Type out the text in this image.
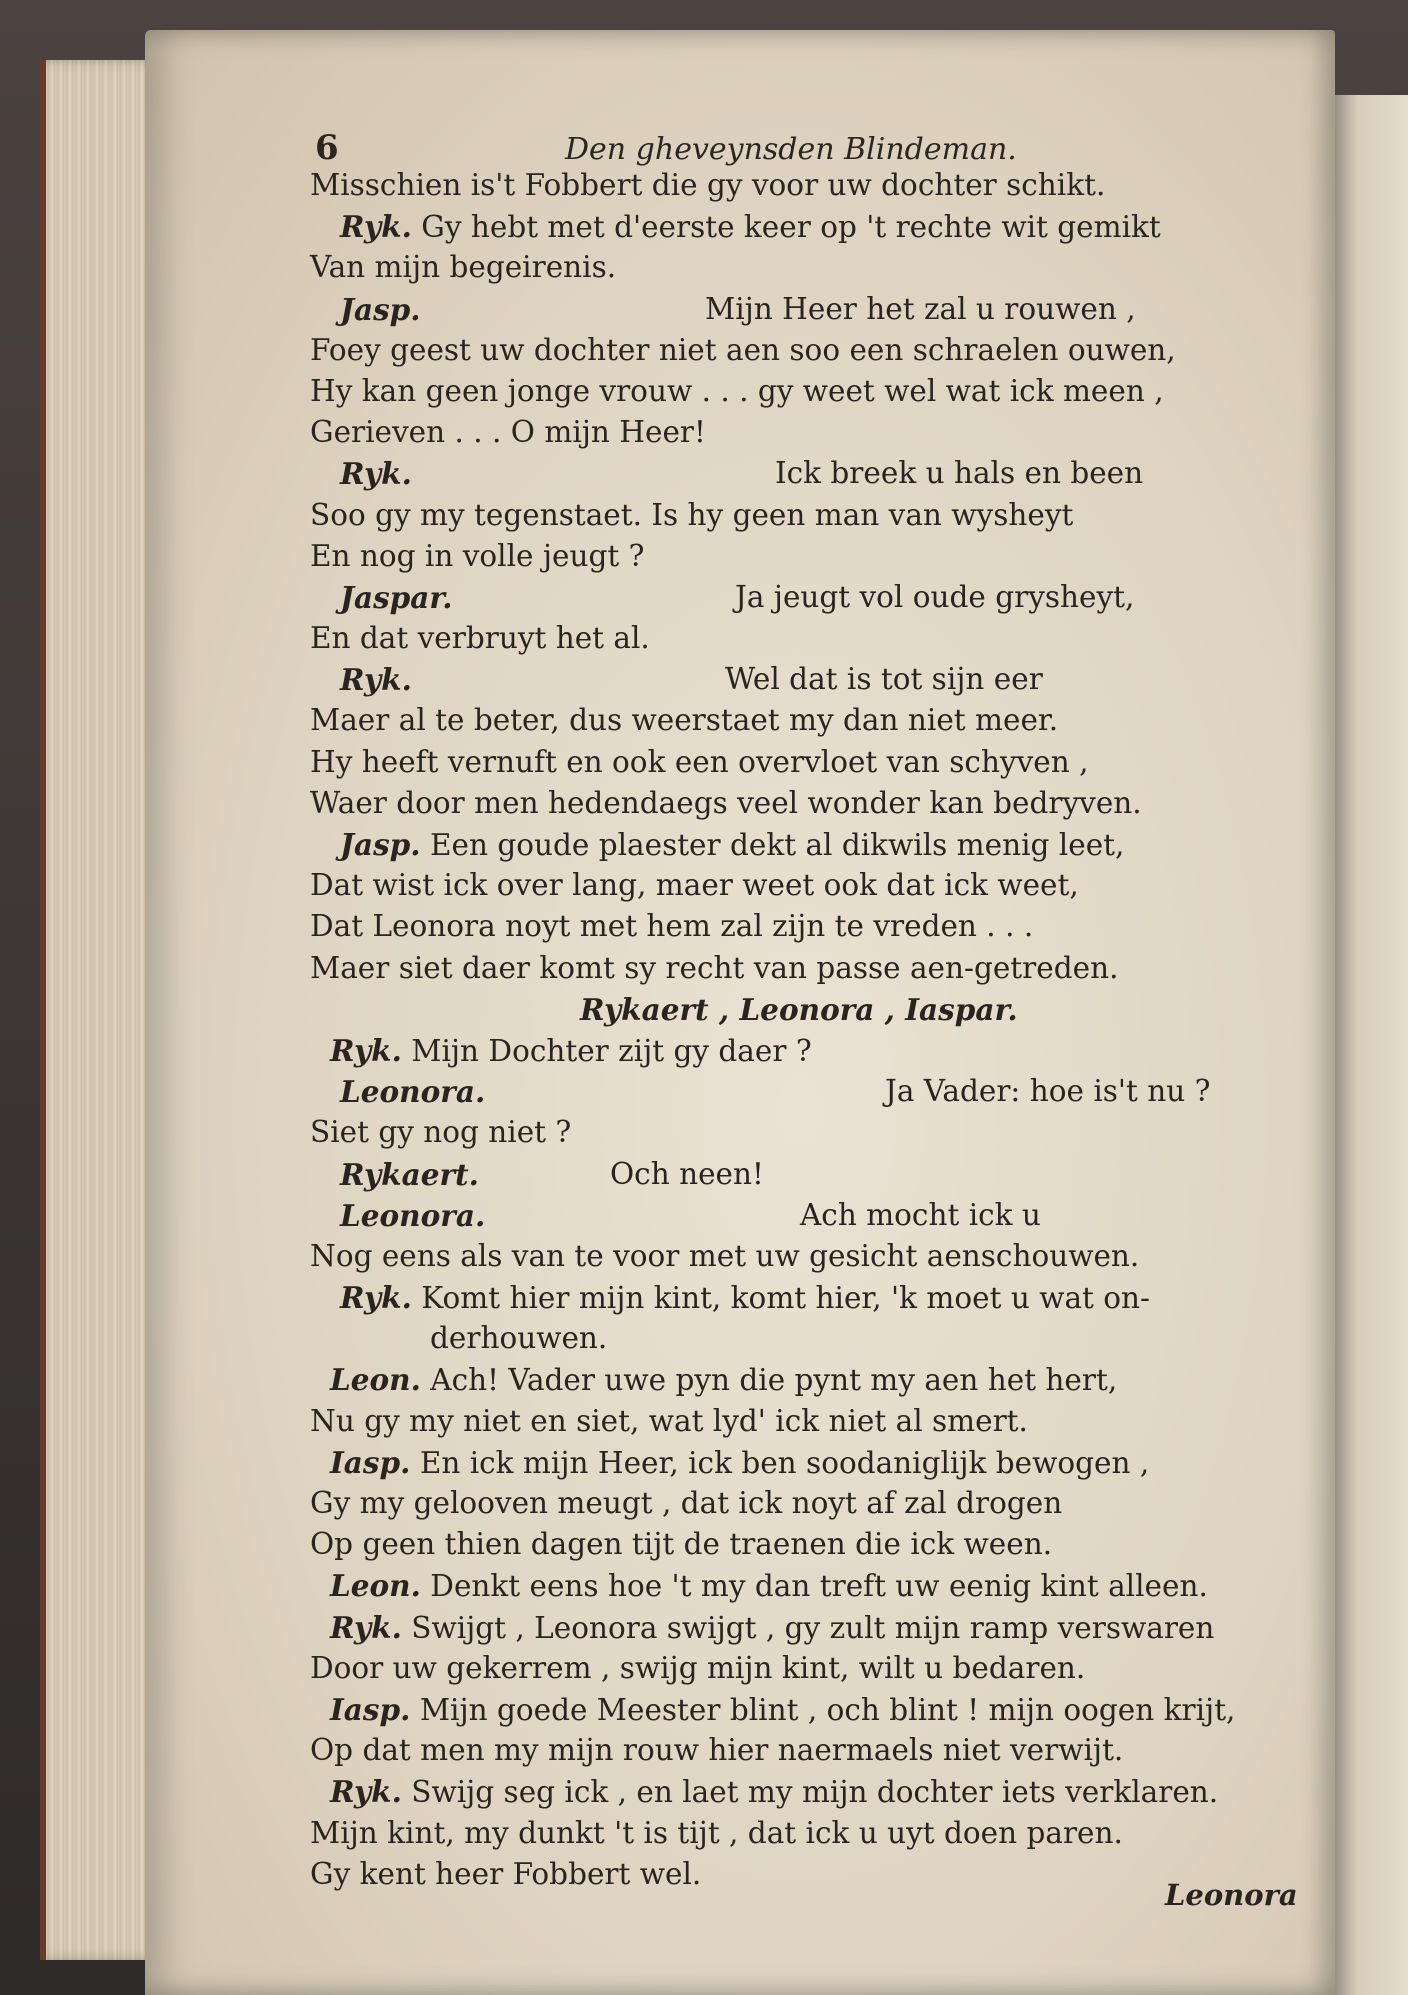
6	Den gheveynsden Blindeman.
Misschien is't Fobbert die gy voor uw dochter schikt.
Ryk. Gy hebt met d'eerste keer op 't rechte wit gemikt
Van mijn begeirenis.
Jasp.	Mijn Heer het zal u rouwen ,
Foey geest uw dochter niet aen soo een schraelen ouwen,
Hy kan geen jonge vrouw . . . gy weet wel wat ick meen ,
Gerieven . . . O mijn Heer!
Ryk.	Ick breek u hals en been
Soo gy my tegenstaet. Is hy geen man van wysheyt
En nog in volle jeugt ?
Jaspar.	Ja jeugt vol oude grysheyt,
En dat verbruyt het al.
Ryk.	Wel dat is tot sijn eer
Maer al te beter, dus weerstaet my dan niet meer.
Hy heeft vernuft en ook een overvloet van schyven ,
Waer door men hedendaegs veel wonder kan bedryven.
Jasp. Een goude plaester dekt al dikwils menig leet,
Dat wist ick over lang, maer weet ook dat ick weet,
Dat Leonora noyt met hem zal zijn te vreden . . .
Maer siet daer komt sy recht van passe aen-getreden.
Rykaert , Leonora , Iaspar.
Ryk. Mijn Dochter zijt gy daer ?
Leonora.	Ja Vader: hoe is't nu ?
Siet gy nog niet ?
Rykaert.	Och neen!
Leonora.	Ach mocht ick u
Nog eens als van te voor met uw gesicht aenschouwen.
Ryk. Komt hier mijn kint, komt hier, 'k moet u wat on-
derhouwen.
Leon. Ach! Vader uwe pyn die pynt my aen het hert,
Nu gy my niet en siet, wat lyd' ick niet al smert.
Iasp. En ick mijn Heer, ick ben soodaniglijk bewogen ,
Gy my gelooven meugt , dat ick noyt af zal drogen
Op geen thien dagen tijt de traenen die ick ween.
Leon. Denkt eens hoe 't my dan treft uw eenig kint alleen.
Ryk. Swijgt , Leonora swijgt , gy zult mijn ramp verswaren
Door uw gekerrem , swijg mijn kint, wilt u bedaren.
Iasp. Mijn goede Meester blint , och blint ! mijn oogen krijt,
Op dat men my mijn rouw hier naermaels niet verwijt.
Ryk. Swijg seg ick , en laet my mijn dochter iets verklaren.
Mijn kint, my dunkt 't is tijt , dat ick u uyt doen paren.
Gy kent heer Fobbert wel.
Leonora
